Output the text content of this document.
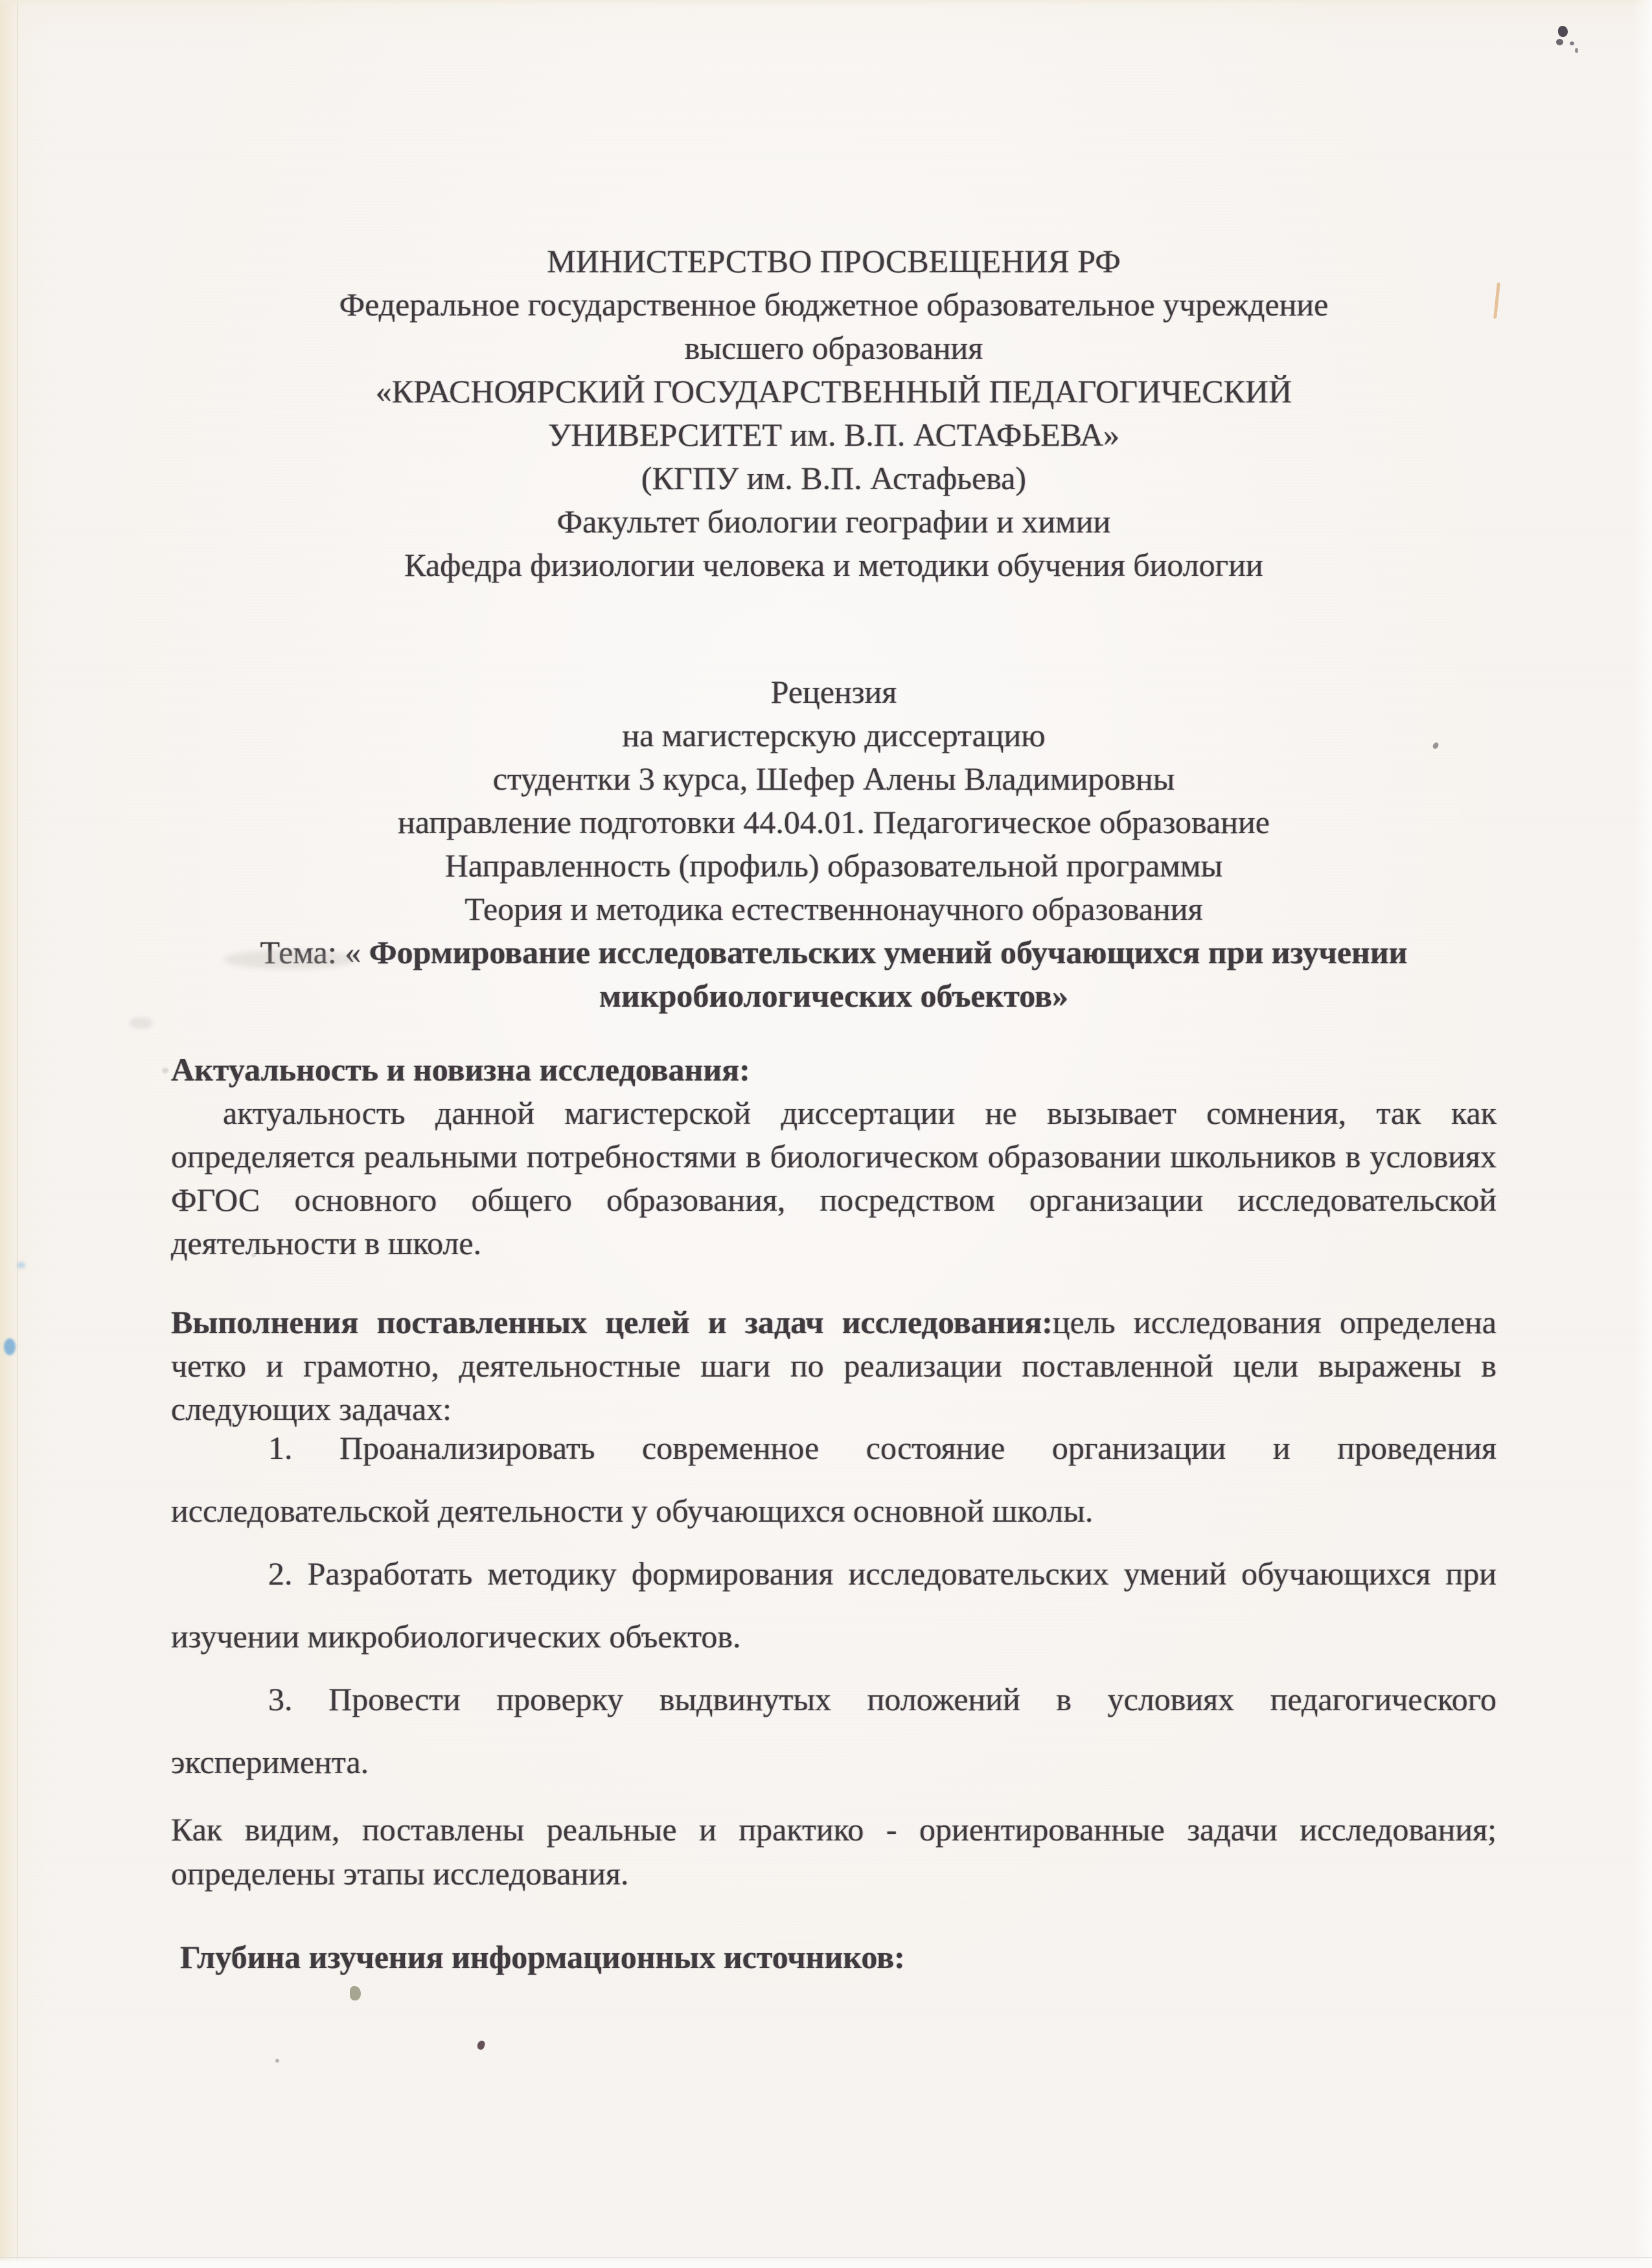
МИНИСТЕРСТВО ПРОСВЕЩЕНИЯ РФ
Федеральное государственное бюджетное образовательное учреждение
высшего образования
«КРАСНОЯРСКИЙ ГОСУДАРСТВЕННЫЙ ПЕДАГОГИЧЕСКИЙ
УНИВЕРСИТЕТ им. В.П. АСТАФЬЕВА»
(КГПУ им. В.П. Астафьева)
Факультет биологии географии и химии
Кафедра физиологии человека и методики обучения биологии
Рецензия
на магистерскую диссертацию
студентки 3 курса, Шефер Алены Владимировны
направление подготовки 44.04.01. Педагогическое образование
Направленность (профиль) образовательной программы
Теория и методика естественнонаучного образования
Тема: « Формирование исследовательских умений обучающихся при изучении микробиологических объектов»
Актуальность и новизна исследования:

актуальность данной магистерской диссертации не вызывает сомнения, так как определяется реальными потребностями в биологическом образовании школьников в условиях ФГОС основного общего образования, посредством организации исследовательской деятельности в школе.

Выполнения поставленных целей и задач исследования:цель исследования определена четко и грамотно, деятельностные шаги по реализации поставленной цели выражены в следующих задачах:

1. Проанализировать современное состояние организации и проведения исследовательской деятельности у обучающихся основной школы.

2. Разработать методику формирования исследовательских умений обучающихся при изучении микробиологических объектов.

3. Провести проверку выдвинутых положений в условиях педагогического эксперимента.

Как видим, поставлены реальные и практико - ориентированные задачи исследования; определены этапы исследования.

Глубина изучения информационных источников:
